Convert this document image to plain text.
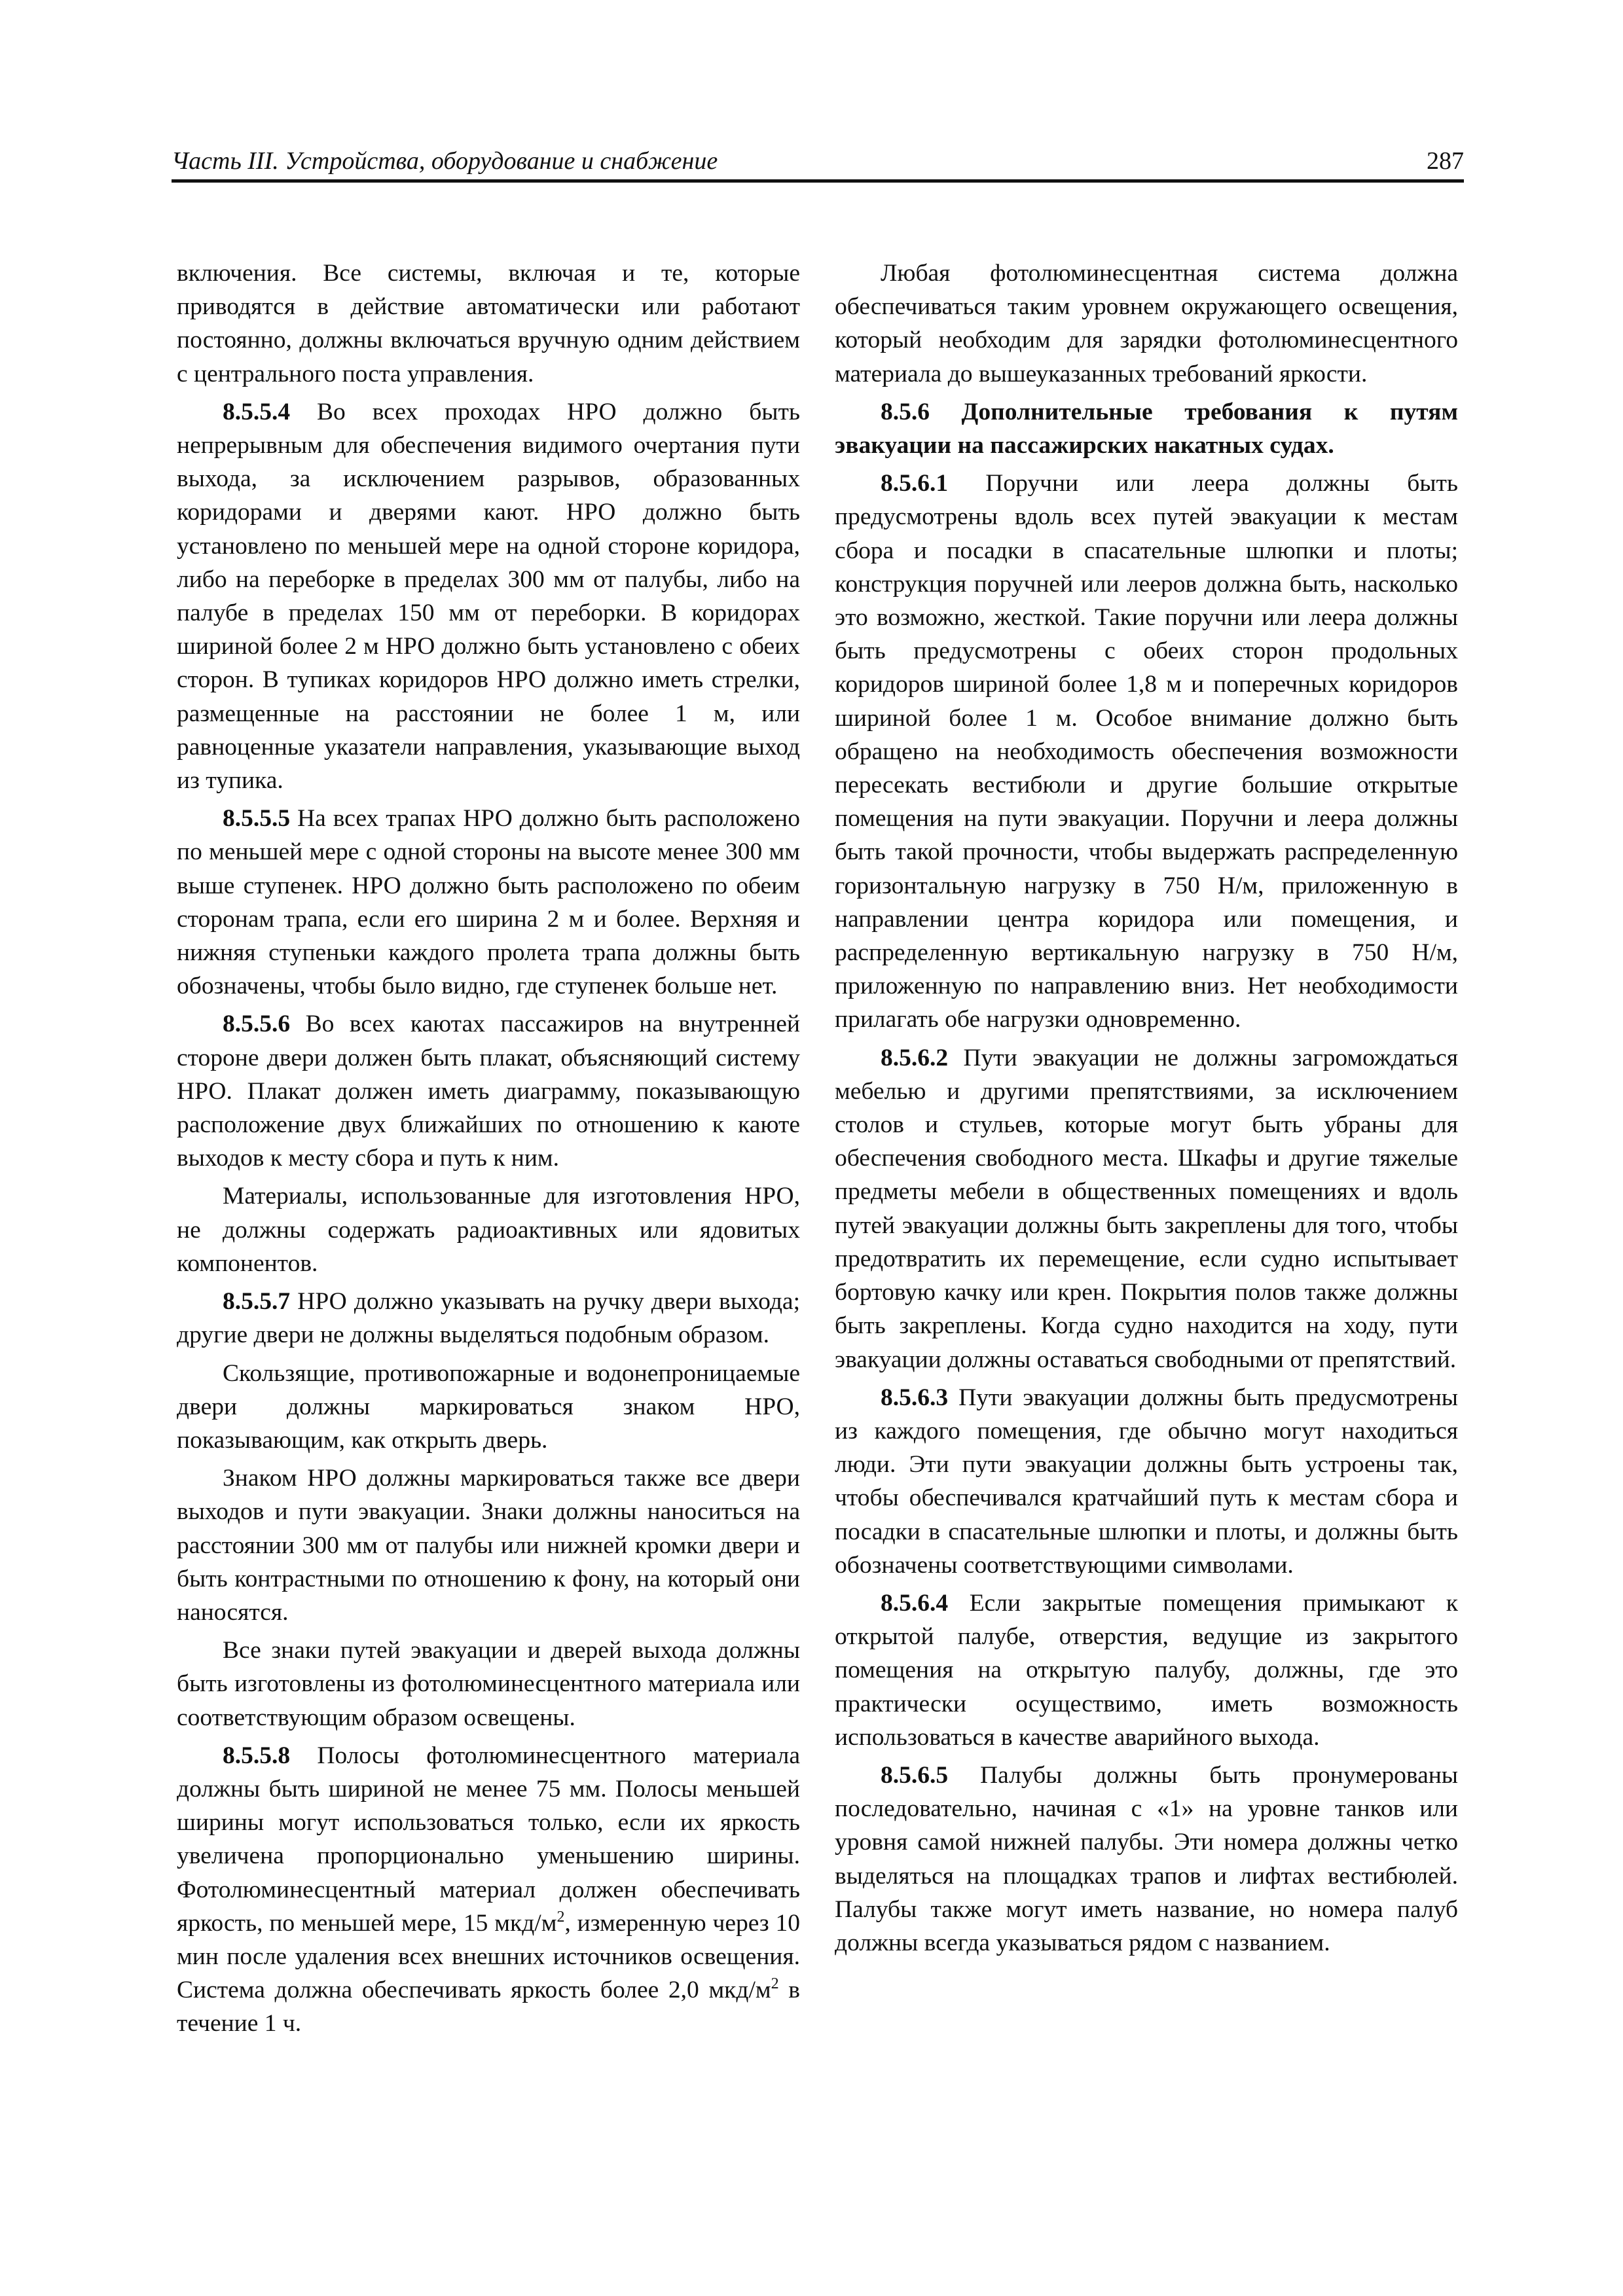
Часть III. Устройства, оборудование и снабжение	287

включения. Все системы, включая и те, которые приводятся в действие автоматически или работают постоянно, должны включаться вручную одним действием с центрального поста управления.

8.5.5.4 Во всех проходах НРО должно быть непрерывным для обеспечения видимого очертания пути выхода, за исключением разрывов, образованных коридорами и дверями кают. НРО должно быть установлено по меньшей мере на одной стороне коридора, либо на переборке в пределах 300 мм от палубы, либо на палубе в пределах 150 мм от переборки. В коридорах шириной более 2 м НРО должно быть установлено с обеих сторон. В тупиках коридоров НРО должно иметь стрелки, размещенные на расстоянии не более 1 м, или равноценные указатели направления, указывающие выход из тупика.

8.5.5.5 На всех трапах НРО должно быть расположено по меньшей мере с одной стороны на высоте менее 300 мм выше ступенек. НРО должно быть расположено по обеим сторонам трапа, если его ширина 2 м и более. Верхняя и нижняя ступеньки каждого пролета трапа должны быть обозначены, чтобы было видно, где ступенек больше нет.

8.5.5.6 Во всех каютах пассажиров на внутренней стороне двери должен быть плакат, объясняющий систему НРО. Плакат должен иметь диаграмму, показывающую расположение двух ближайших по отношению к каюте выходов к месту сбора и путь к ним.

Материалы, использованные для изготовления НРО, не должны содержать радиоактивных или ядовитых компонентов.

8.5.5.7 НРО должно указывать на ручку двери выхода; другие двери не должны выделяться подобным образом.

Скользящие, противопожарные и водонепроницаемые двери должны маркироваться знаком НРО, показывающим, как открыть дверь.

Знаком НРО должны маркироваться также все двери выходов и пути эвакуации. Знаки должны наноситься на расстоянии 300 мм от палубы или нижней кромки двери и быть контрастными по отношению к фону, на который они наносятся.

Все знаки путей эвакуации и дверей выхода должны быть изготовлены из фотолюминесцентного материала или соответствующим образом освещены.

8.5.5.8 Полосы фотолюминесцентного материала должны быть шириной не менее 75 мм. Полосы меньшей ширины могут использоваться только, если их яркость увеличена пропорционально уменьшению ширины. Фотолюминесцентный материал должен обеспечивать яркость, по меньшей мере, 15 мкд/$м^2$, измеренную через 10 мин после удаления всех внешних источников освещения. Система должна обеспечивать яркость более 2,0 мкд/$м^2$ в течение 1 ч.

Любая фотолюминесцентная система должна обеспечиваться таким уровнем окружающего освещения, который необходим для зарядки фотолюминесцентного материала до вышеуказанных требований яркости.

8.5.6 Дополнительные требования к путям эвакуации на пассажирских накатных судах.

8.5.6.1 Поручни или леера должны быть предусмотрены вдоль всех путей эвакуации к местам сбора и посадки в спасательные шлюпки и плоты; конструкция поручней или лееров должна быть, насколько это возможно, жесткой. Такие поручни или леера должны быть предусмотрены с обеих сторон продольных коридоров шириной более 1,8 м и поперечных коридоров шириной более 1 м. Особое внимание должно быть обращено на необходимость обеспечения возможности пересекать вестибюли и другие большие открытые помещения на пути эвакуации. Поручни и леера должны быть такой прочности, чтобы выдержать распределенную горизонтальную нагрузку в 750 Н/м, приложенную в направлении центра коридора или помещения, и распределенную вертикальную нагрузку в 750 Н/м, приложенную по направлению вниз. Нет необходимости прилагать обе нагрузки одновременно.

8.5.6.2 Пути эвакуации не должны загромождаться мебелью и другими препятствиями, за исключением столов и стульев, которые могут быть убраны для обеспечения свободного места. Шкафы и другие тяжелые предметы мебели в общественных помещениях и вдоль путей эвакуации должны быть закреплены для того, чтобы предотвратить их перемещение, если судно испытывает бортовую качку или крен. Покрытия полов также должны быть закреплены. Когда судно находится на ходу, пути эвакуации должны оставаться свободными от препятствий.

8.5.6.3 Пути эвакуации должны быть предусмотрены из каждого помещения, где обычно могут находиться люди. Эти пути эвакуации должны быть устроены так, чтобы обеспечивался кратчайший путь к местам сбора и посадки в спасательные шлюпки и плоты, и должны быть обозначены соответствующими символами.

8.5.6.4 Если закрытые помещения примыкают к открытой палубе, отверстия, ведущие из закрытого помещения на открытую палубу, должны, где это практически осуществимо, иметь возможность использоваться в качестве аварийного выхода.

8.5.6.5 Палубы должны быть пронумерованы последовательно, начиная с «1» на уровне танков или уровня самой нижней палубы. Эти номера должны четко выделяться на площадках трапов и лифтах вестибюлей. Палубы также могут иметь название, но номера палуб должны всегда указываться рядом с названием.
